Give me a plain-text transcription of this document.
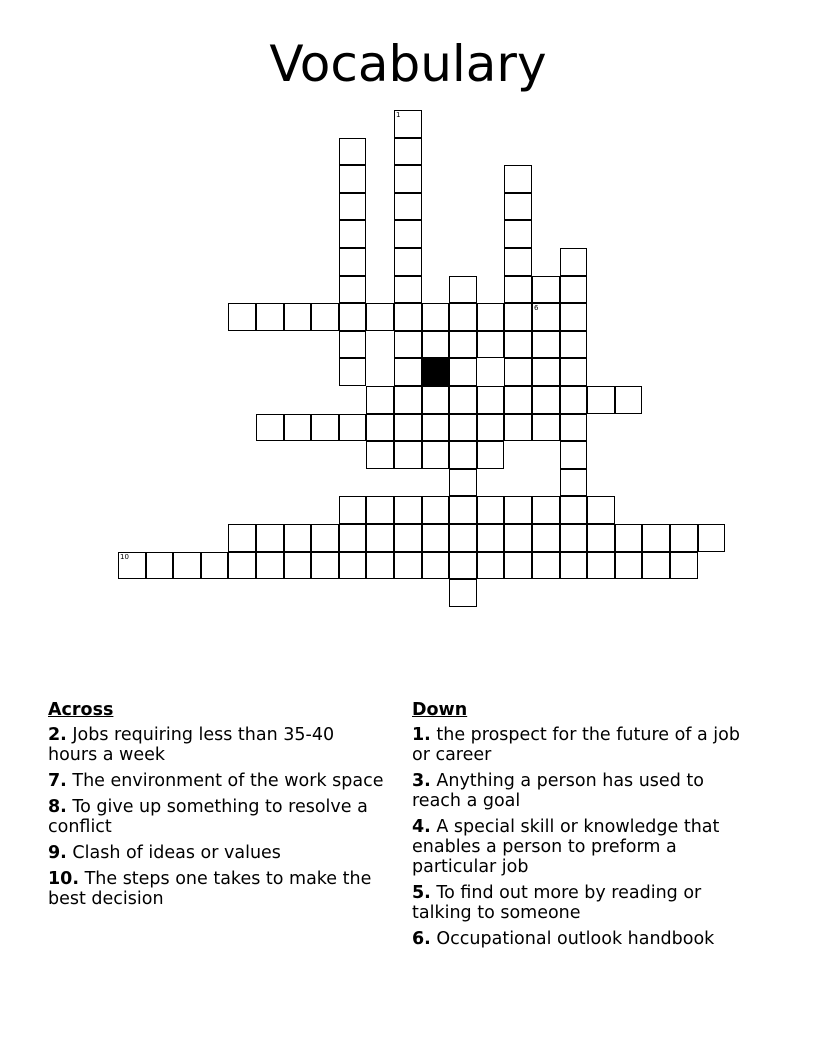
Vocabulary
1
6
10
Across
2. Jobs requiring less than 35-40 hours a week
7. The environment of the work space
8. To give up something to resolve a conflict
9. Clash of ideas or values
10. The steps one takes to make the best decision
Down
1. the prospect for the future of a job or career
3. Anything a person has used to reach a goal
4. A special skill or knowledge that enables a person to preform a particular job
5. To find out more by reading or talking to someone
6. Occupational outlook handbook
